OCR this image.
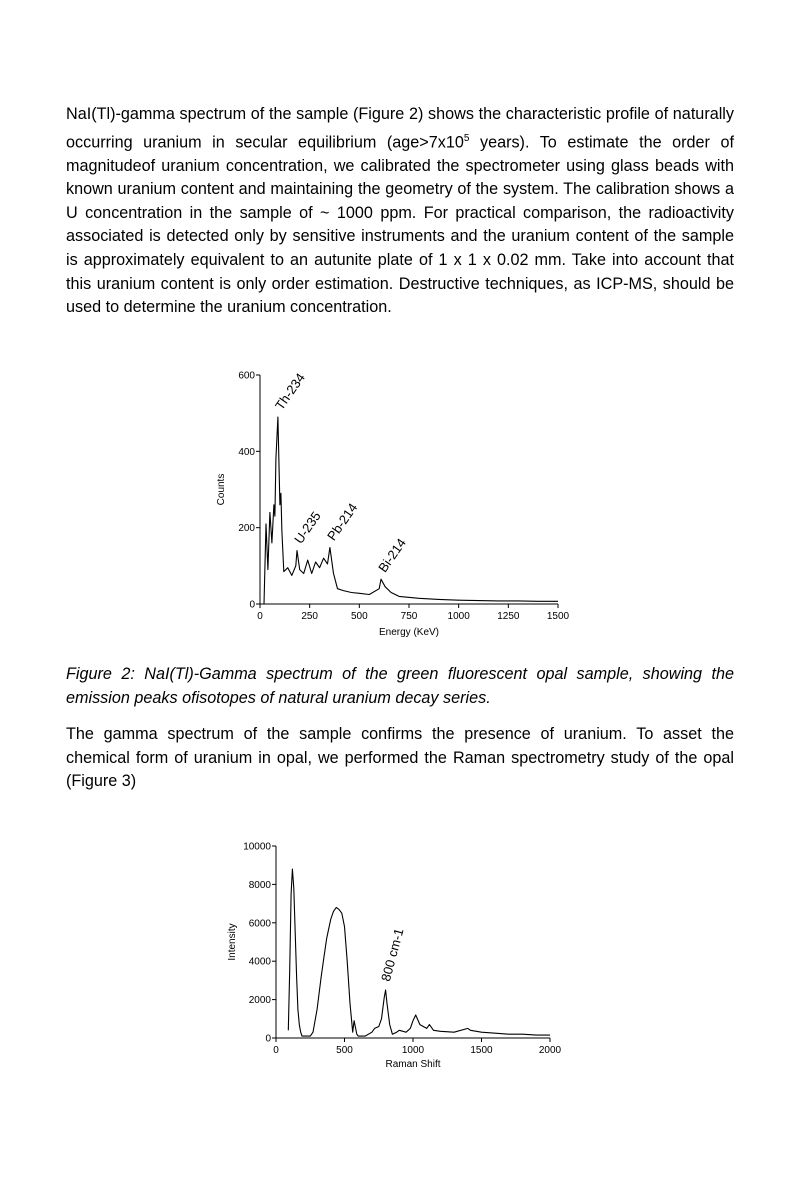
NaI(Tl)-gamma spectrum of the sample (Figure 2) shows the characteristic profile of naturally occurring uranium in secular equilibrium ($age>7x10^5$ years). To estimate the order of magnitudeof uranium concentration, we calibrated the spectrometer using glass beads with known uranium content and maintaining the geometry of the system. The calibration shows a U concentration in the sample of ~ 1000 ppm. For practical comparison, the radioactivity associated is detected only by sensitive instruments and the uranium content of the sample is approximately equivalent to an autunite plate of 1 x 1 x 0.02 mm. Take into account that this uranium content is only order estimation. Destructive techniques, as ICP-MS, should be used to determine the uranium concentration.

Figure 2: NaI(Tl)-Gamma spectrum of the green fluorescent opal sample, showing the emission peaks ofisotopes of natural uranium decay series.

The gamma spectrum of the sample confirms the presence of uranium. To asset the chemical form of uranium in opal, we performed the Raman spectrometry study of the opal (Figure 3)

0
200
400
600
0	250	500	750	1000	1250	1500
Energy (KeV)
Counts
Th-234
U-235 Pb-214
Bi-214
0
2000
4000
6000
8000
10000
0	500	1000	1500	2000
Raman Shift
Intensity	800 cm-1
